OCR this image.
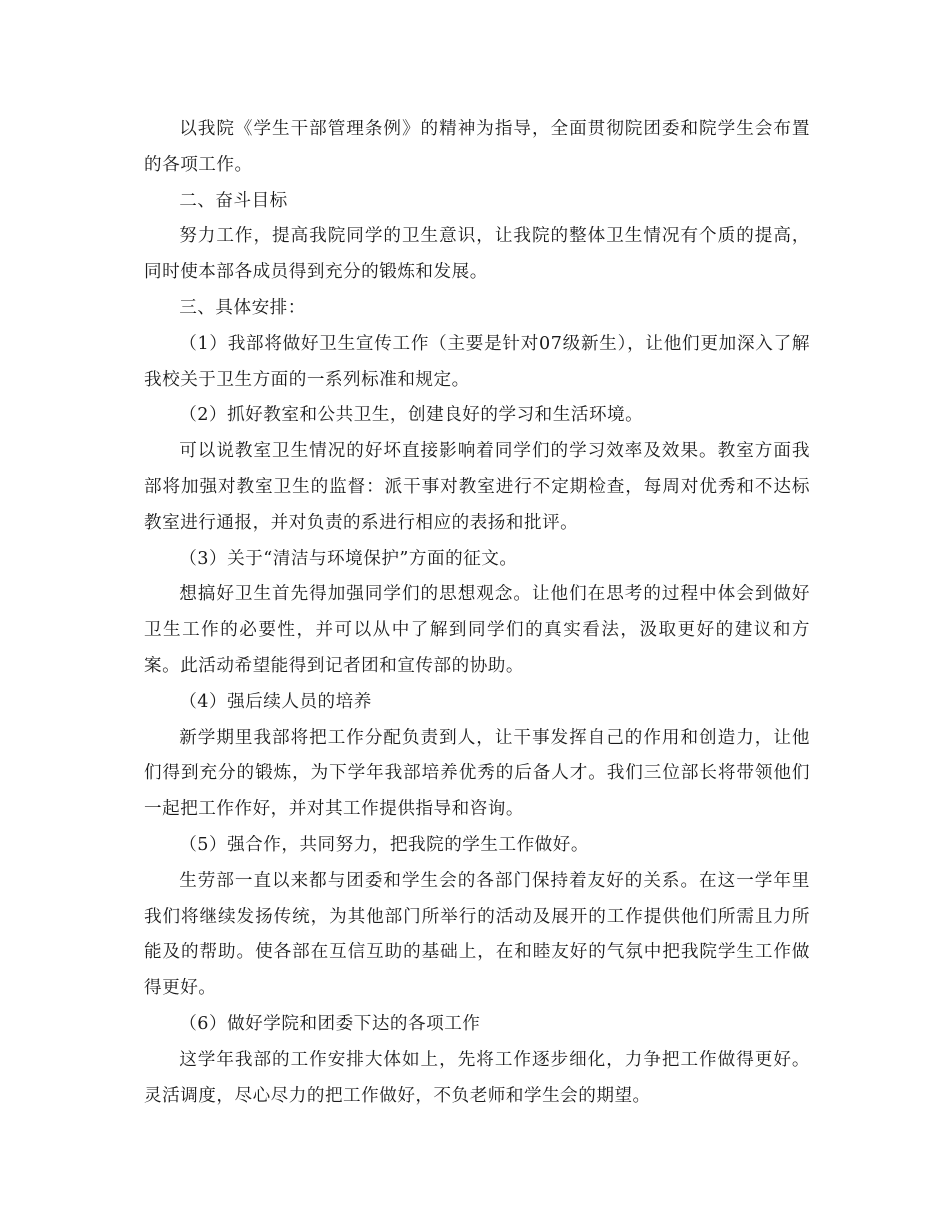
以我院《学生干部管理条例》的精神为指导，全面贯彻院团委和院学生会布置的各项工作。

二、奋斗目标

努力工作，提高我院同学的卫生意识，让我院的整体卫生情况有个质的提高，同时使本部各成员得到充分的锻炼和发展。

三、具体安排：

（1）我部将做好卫生宣传工作（主要是针对07级新生），让他们更加深入了解我校关于卫生方面的一系列标准和规定。

（2）抓好教室和公共卫生，创建良好的学习和生活环境。

可以说教室卫生情况的好坏直接影响着同学们的学习效率及效果。教室方面我部将加强对教室卫生的监督：派干事对教室进行不定期检查，每周对优秀和不达标教室进行通报，并对负责的系进行相应的表扬和批评。

（3）关于“清洁与环境保护”方面的征文。

想搞好卫生首先得加强同学们的思想观念。让他们在思考的过程中体会到做好卫生工作的必要性，并可以从中了解到同学们的真实看法，汲取更好的建议和方案。此活动希望能得到记者团和宣传部的协助。

（4）强后续人员的培养

新学期里我部将把工作分配负责到人，让干事发挥自己的作用和创造力，让他们得到充分的锻炼，为下学年我部培养优秀的后备人才。我们三位部长将带领他们一起把工作作好，并对其工作提供指导和咨询。

（5）强合作，共同努力，把我院的学生工作做好。

生劳部一直以来都与团委和学生会的各部门保持着友好的关系。在这一学年里我们将继续发扬传统，为其他部门所举行的活动及展开的工作提供他们所需且力所能及的帮助。使各部在互信互助的基础上，在和睦友好的气氛中把我院学生工作做得更好。

（6）做好学院和团委下达的各项工作

这学年我部的工作安排大体如上，先将工作逐步细化，力争把工作做得更好。灵活调度，尽心尽力的把工作做好，不负老师和学生会的期望。
